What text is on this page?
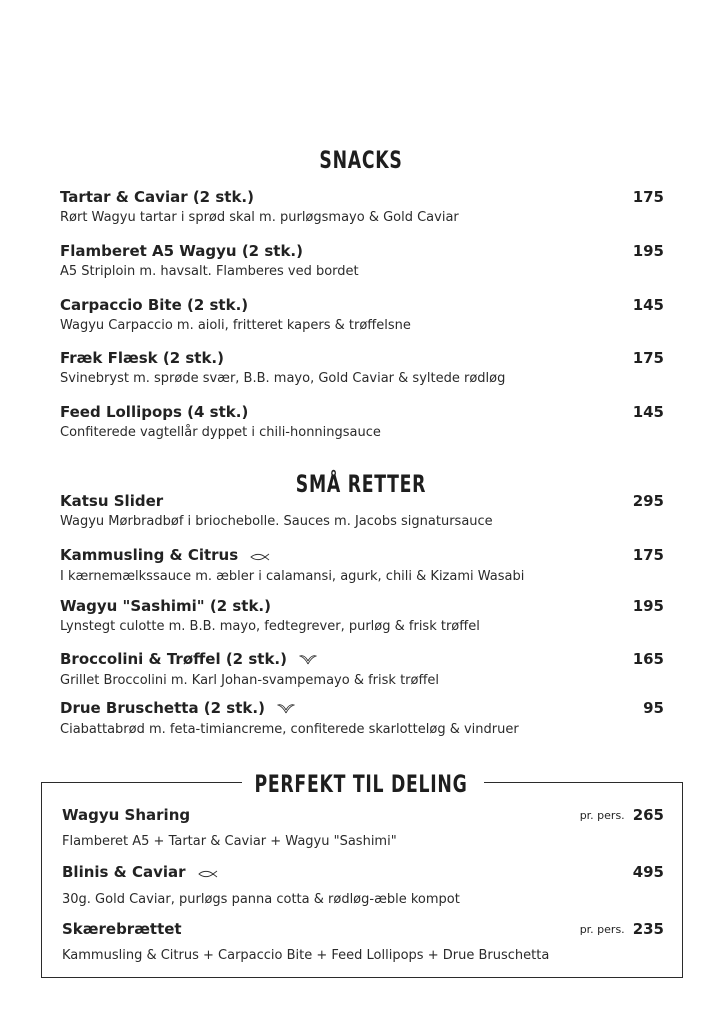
SNACKS
Tartar & Caviar (2 stk.)
Rørt Wagyu tartar i sprød skal m. purløgsmayo & Gold Caviar
175
Flamberet A5 Wagyu (2 stk.)
A5 Striploin m. havsalt. Flamberes ved bordet
195
Carpaccio Bite (2 stk.)
Wagyu Carpaccio m. aioli, fritteret kapers & trøffelsne
145
Fræk Flæsk (2 stk.)
Svinebryst m. sprøde svær, B.B. mayo, Gold Caviar & syltede rødløg
175
Feed Lollipops (4 stk.)
Confiterede vagtellår dyppet i chili-honningsauce
145
SMÅ RETTER
Katsu Slider
Wagyu Mørbradbøf i briochebolle. Sauces m. Jacobs signatursauce
295
Kammusling & Citrus
I kærnemælkssauce m. æbler i calamansi, agurk, chili & Kizami Wasabi
175
Wagyu "Sashimi" (2 stk.)
Lynstegt culotte m. B.B. mayo, fedtegrever, purløg & frisk trøffel
195
Broccolini & Trøffel (2 stk.)
Grillet Broccolini m. Karl Johan-svampemayo & frisk trøffel
165
Drue Bruschetta (2 stk.)
Ciabattabrød m. feta-timiancreme, confiterede skarlotteløg & vindruer
95
PERFEKT TIL DELING
Wagyu Sharing
Flamberet A5 + Tartar & Caviar + Wagyu "Sashimi"
pr. pers. 265
Blinis & Caviar
30g. Gold Caviar, purløgs panna cotta & rødløg-æble kompot
495
Skærebrættet
Kammusling & Citrus + Carpaccio Bite + Feed Lollipops + Drue Bruschetta
pr. pers. 235
